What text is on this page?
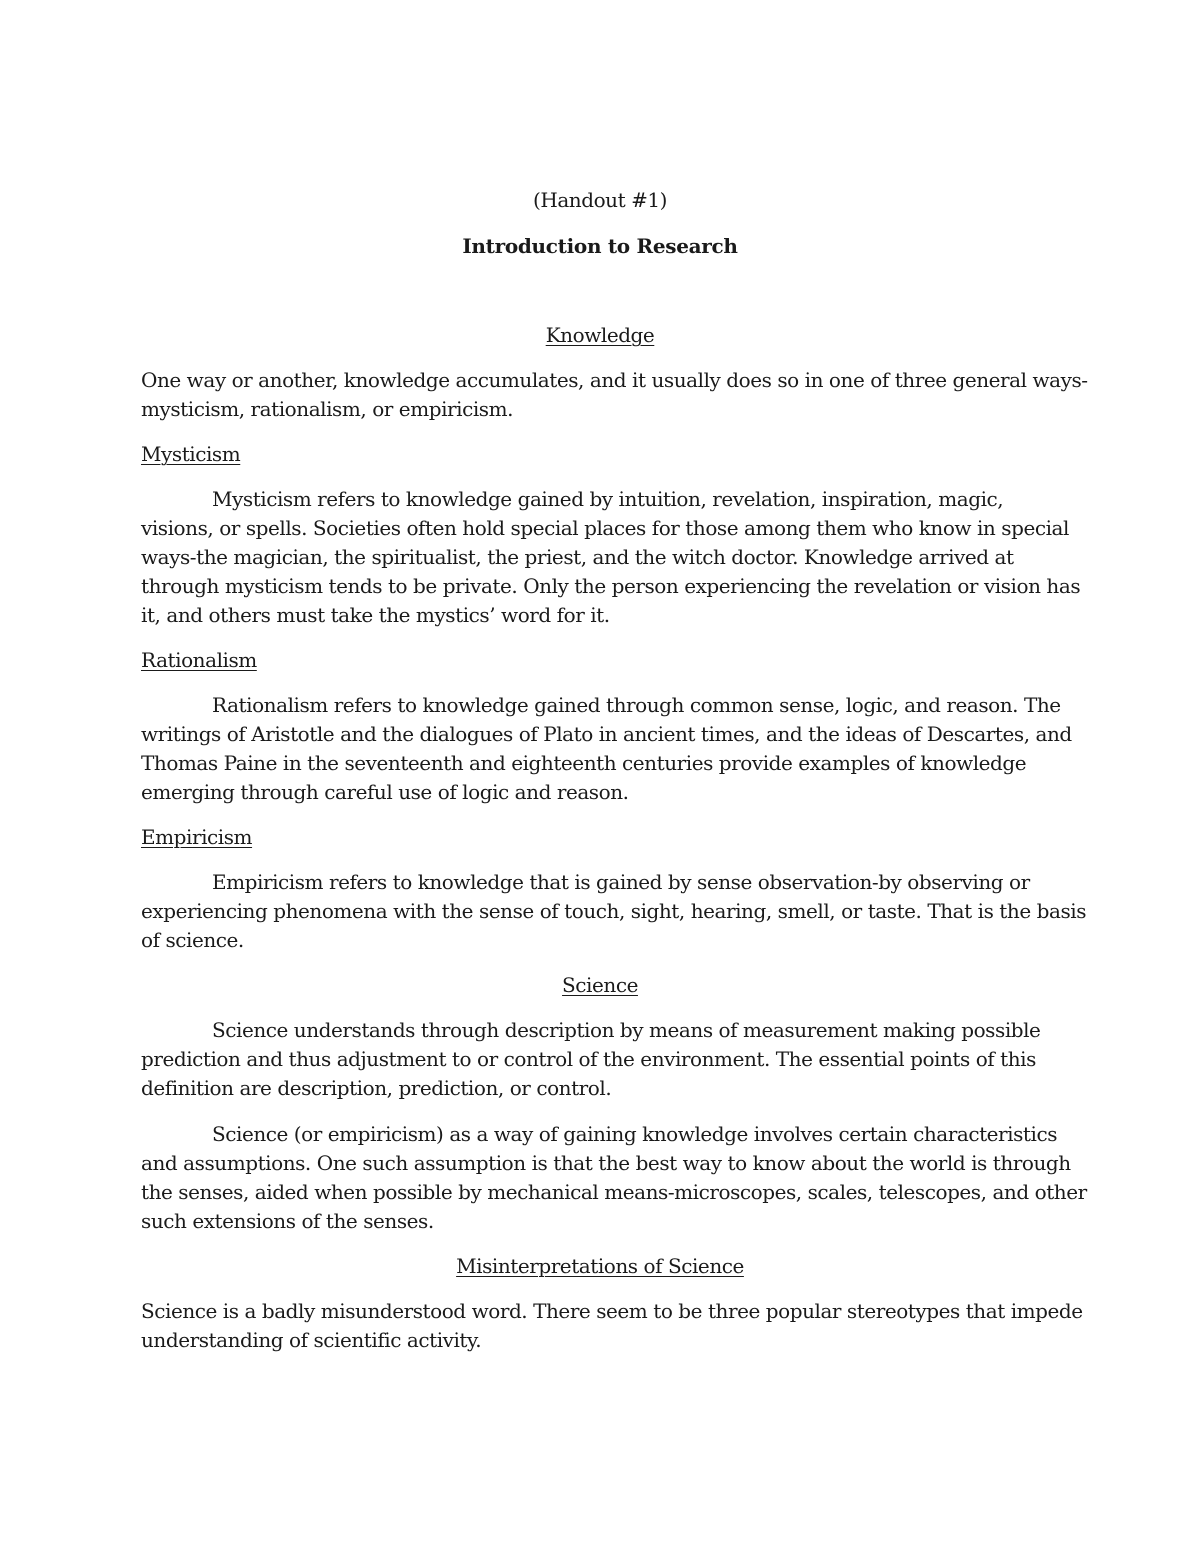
(Handout #1)
Introduction to Research
Knowledge
One way or another, knowledge accumulates, and it usually does so in one of three general ways-
mysticism, rationalism, or empiricism.
Mysticism
Mysticism refers to knowledge gained by intuition, revelation, inspiration, magic,
visions, or spells. Societies often hold special places for those among them who know in special
ways-the magician, the spiritualist, the priest, and the witch doctor. Knowledge arrived at
through mysticism tends to be private. Only the person experiencing the revelation or vision has
it, and others must take the mystics’ word for it.
Rationalism
Rationalism refers to knowledge gained through common sense, logic, and reason. The
writings of Aristotle and the dialogues of Plato in ancient times, and the ideas of Descartes, and
Thomas Paine in the seventeenth and eighteenth centuries provide examples of knowledge
emerging through careful use of logic and reason.
Empiricism
Empiricism refers to knowledge that is gained by sense observation-by observing or
experiencing phenomena with the sense of touch, sight, hearing, smell, or taste. That is the basis
of science.
Science
Science understands through description by means of measurement making possible
prediction and thus adjustment to or control of the environment. The essential points of this
definition are description, prediction, or control.
Science (or empiricism) as a way of gaining knowledge involves certain characteristics
and assumptions. One such assumption is that the best way to know about the world is through
the senses, aided when possible by mechanical means-microscopes, scales, telescopes, and other
such extensions of the senses.
Misinterpretations of Science
Science is a badly misunderstood word. There seem to be three popular stereotypes that impede
understanding of scientific activity.
